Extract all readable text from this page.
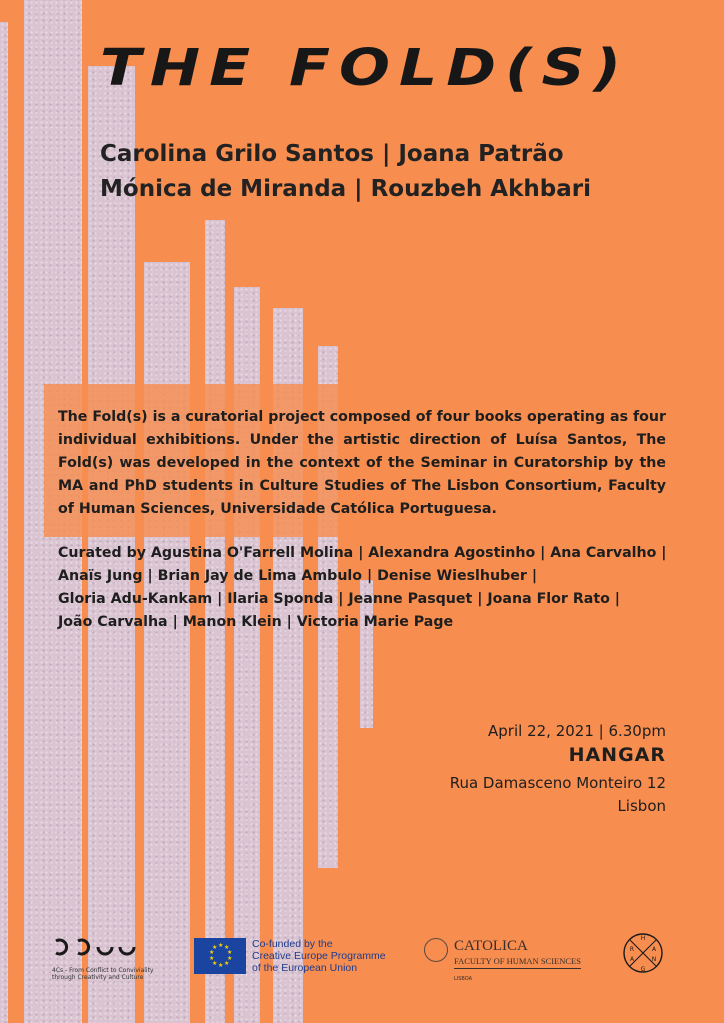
THE FOLD(S)
Carolina Grilo Santos | Joana Patrão
Mónica de Miranda | Rouzbeh Akhbari
The Fold(s) is a curatorial project composed of four books operating as four individual exhibitions. Under the artistic direction of Luísa Santos, The Fold(s) was developed in the context of the Seminar in Curatorship by the MA and PhD students in Culture Studies of The Lisbon Consortium, Faculty of Human Sciences, Universidade Católica Portuguesa.
Curated by Agustina O'Farrell Molina | Alexandra Agostinho | Ana Carvalho |
Anaïs Jung | Brian Jay de Lima Ambulo | Denise Wieslhuber |
Gloria Adu-Kankam | Ilaria Sponda | Jeanne Pasquet | Joana Flor Rato |
João Carvalha | Manon Klein | Victoria Marie Page
April 22, 2021 | 6.30pm
HANGAR
Rua Damasceno Monteiro 12
Lisbon
4Cs - From Conflict to Conviviality through Creativity and Culture
★ ★
★
★
★
★
★
★
★
★	Co-funded by the
Creative Europe Programme
of the European Union
CATOLICA
FACULTY OF HUMAN SCIENCES
LISBOA
H
A
N
G
A
R
